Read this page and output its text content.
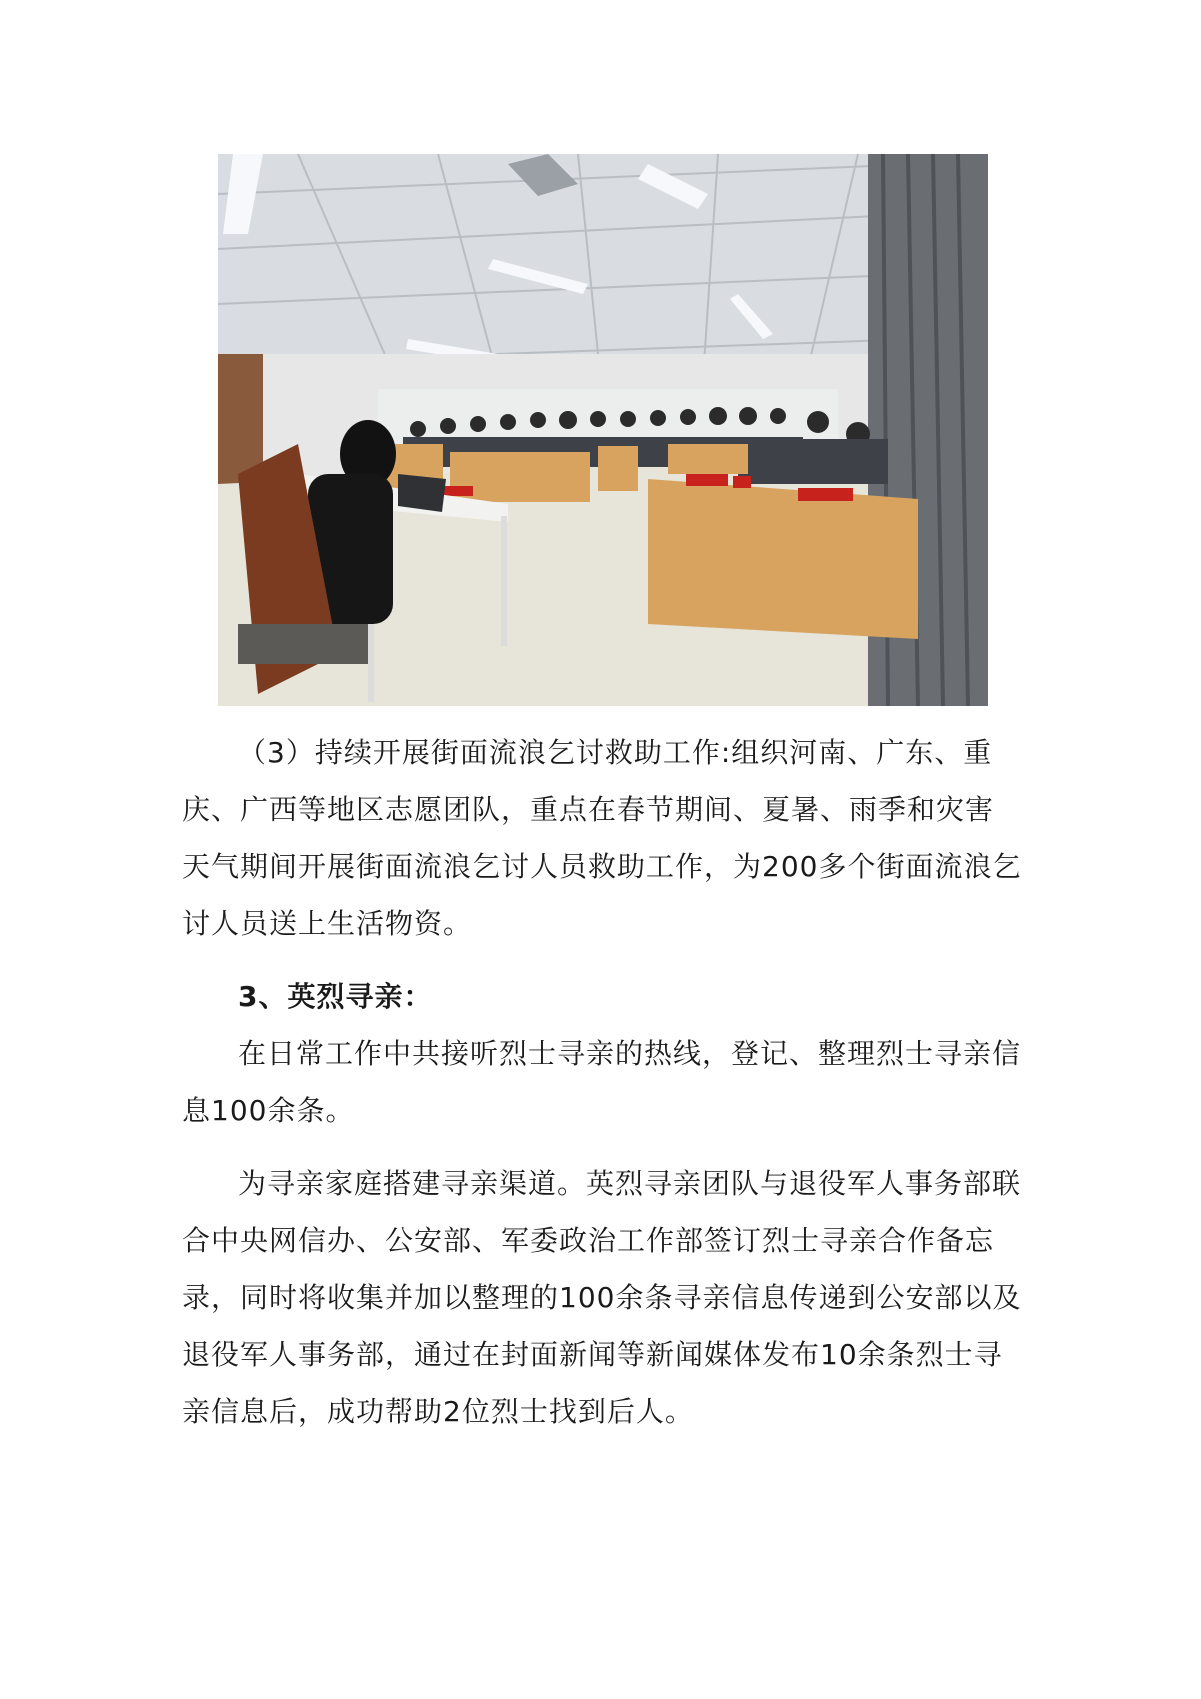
（3）持续开展街面流浪乞讨救助工作:组织河南、广东、重庆、广西等地区志愿团队，重点在春节期间、夏暑、雨季和灾害天气期间开展街面流浪乞讨人员救助工作，为200多个街面流浪乞讨人员送上生活物资。

3、英烈寻亲：

在日常工作中共接听烈士寻亲的热线，登记、整理烈士寻亲信息100余条。

为寻亲家庭搭建寻亲渠道。英烈寻亲团队与退役军人事务部联合中央网信办、公安部、军委政治工作部签订烈士寻亲合作备忘录，同时将收集并加以整理的100余条寻亲信息传递到公安部以及退役军人事务部，通过在封面新闻等新闻媒体发布10余条烈士寻亲信息后，成功帮助2位烈士找到后人。
